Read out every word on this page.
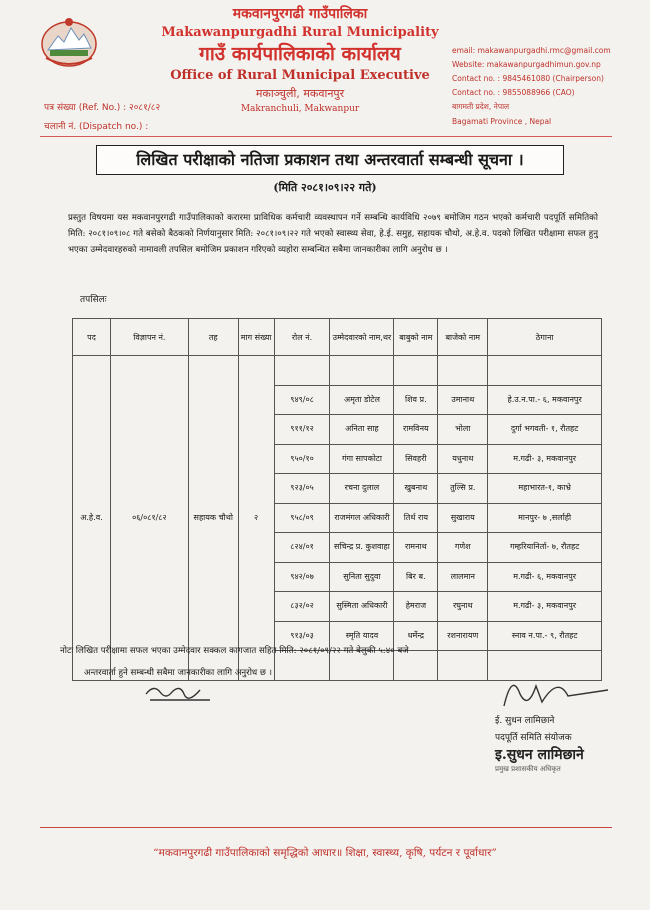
मकवानपुरगढी गाउँपालिका
Makawanpurgadhi Rural Municipality
गाउँ कार्यपालिकाको कार्यालय
Office of Rural Municipal Executive
मकाञ्चुली, मकवानपुर
Makranchuli, Makwanpur
पत्र संख्या (Ref. No.) : २०८१/८२
चलानी नं. (Dispatch no.) :
email: makawanpurgadhi.rmc@gmail.com
Website: makawanpurgadhimun.gov.np
Contact no. : 9845461080 (Chairperson)
Contact no. : 9855088966 (CAO)
बागमती प्रदेश, नेपाल
Bagamati Province , Nepal
लिखित परीक्षाको नतिजा प्रकाशन तथा अन्तरवार्ता सम्बन्धी सूचना ।
(मिति २०८१।०९।२२ गते)
प्रस्तुत विषयमा यस मकवानपुरगढी गाउँपालिकाको करारमा प्राविधिक कर्मचारी व्यवस्थापन गर्ने सम्बन्धि कार्यविधि २०७९ बमोजिम गठन भएको कर्मचारी पदपूर्ति समितिको मिति: २०८१।०९।०८ गते बसेको बैठकको निर्णयानुसार मिति: २०८१।०९।२२ गते भएको स्वास्थ्य सेवा, हे.ई. समुह, सहायक चौथो, अ.हे.व. पदको लिखित परीक्षामा सफल हुनु भएका उम्मेदवारहरुको नामावली तपसिल बमोजिम प्रकाशन गरिएको व्यहोरा सम्बन्धित सबैमा जानकारीका लागि अनुरोध छ ।
तपसिलः
पद	विज्ञापन नं.	तह	माग संख्या	रोल नं.	उम्मेदवारको नाम,थर	बाबुको नाम	बाजेको नाम	ठेगाना
अ.हे.व.	०६/०८१/८२	सहायक चौथो	२					
				९४९/०८	अमृता डोटेल	शिव प्र.	उमानाथ	हे.उ.न.पा.- ६, मकवानपुर
				९११/१२	अनिता साह	रामविनय	भोला	दुर्गा भगवती- १, रौतहट
				९५०/१०	गंगा सापकोटा	सिवहरी	यधुनाथ	म.गढी- ३, मकवानपुर
				९२३/०५	रचना दुलाल	खुबनाथ	तुल्सि प्र.	महाभारत-१, काभ्रे
				९५८/०९	राजमंगल अधिकारी	तिर्थ राय	सुखाराय	मानपुर- ७ ,सर्लाही
				८२४/०१	सचिन्द्र प्र. कुशवाहा	रामनाथ	गणेश	गम्हरियानिर्ता- ७, रौतहट
				९४२/०७	सुनिता सुदुवा	बिर ब.	लालमान	म.गढी- ६, मकवानपुर
				८३२/०२	सुस्मिता अधिकारी	हेमराज	रघुनाथ	म.गढी- ३, मकवानपुर
				९१३/०३	स्मृति यादव	धर्मेन्द्र	रशनारायण	स्नाव न.पा.- ९, रौतहट

नोटः लिखित परीक्षामा सफल भएका उम्मेदवार सक्कल कागजात सहित मिति: २०८१/०९/२२ गते बेलुकी ५:४० बजे
अन्तरवार्ता हुने सम्बन्धी सबैमा जानकारीका लागि अनुरोध छ ।
ई. सुधन लामिछाने
पदपूर्ति समिति संयोजक
इ.सुधन लामिछाने
प्रमुख प्रशासकीय अधिकृत
“मकवानपुरगढी गाउँपालिकाको समृद्धिको आधार॥ शिक्षा, स्वास्थ्य, कृषि, पर्यटन र पूर्वाधार”
